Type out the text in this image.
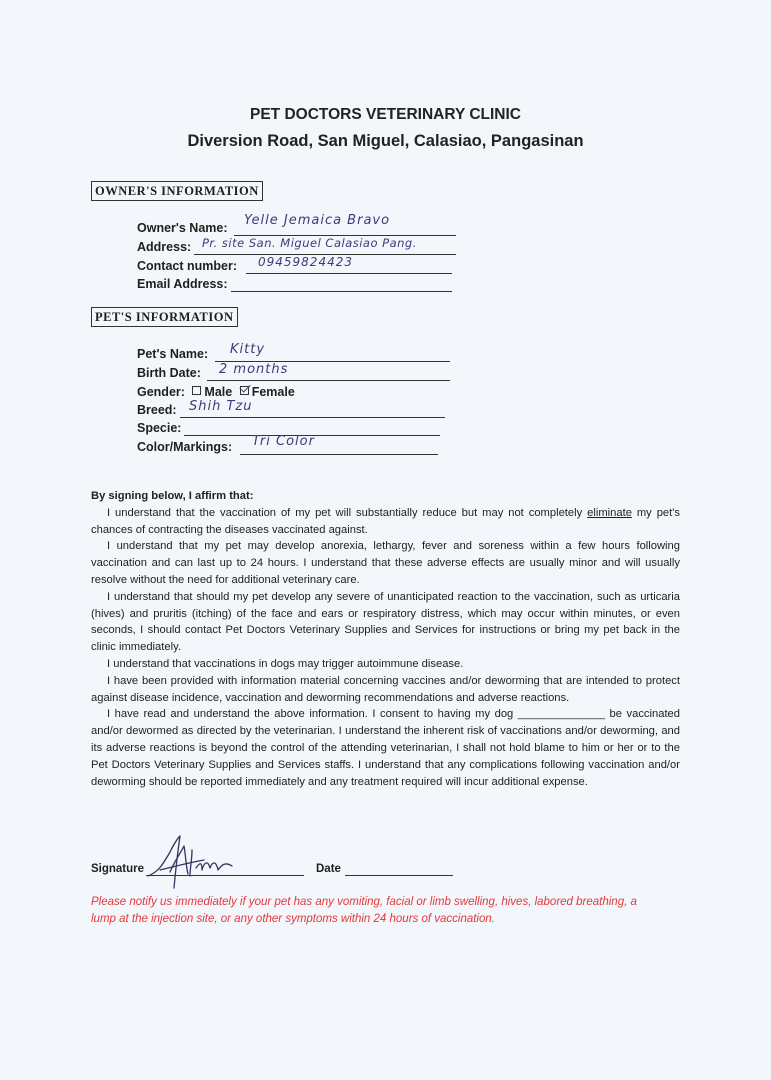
PET DOCTORS VETERINARY CLINIC
Diversion Road, San Miguel, Calasiao, Pangasinan
OWNER'S INFORMATION
Owner's Name: Yelle Jemaica Bravo
Address: Pr. site San. Miguel Calasiao Pang.
Contact number: 09459824423
Email Address:
PET'S INFORMATION
Pet's Name: Kitty
Birth Date: 2 months
Gender: Male Female
Breed: Shih Tzu
Specie:
Color/Markings: Tri Color

By signing below, I affirm that:

I understand that the vaccination of my pet will substantially reduce but may not completely eliminate my pet's chances of contracting the diseases vaccinated against.

I understand that my pet may develop anorexia, lethargy, fever and soreness within a few hours following vaccination and can last up to 24 hours. I understand that these adverse effects are usually minor and will usually resolve without the need for additional veterinary care.

I understand that should my pet develop any severe of unanticipated reaction to the vaccination, such as urticaria (hives) and pruritis (itching) of the face and ears or respiratory distress, which may occur within minutes, or even seconds, I should contact Pet Doctors Veterinary Supplies and Services for instructions or bring my pet back in the clinic immediately.

I understand that vaccinations in dogs may trigger autoimmune disease.

I have been provided with information material concerning vaccines and/or deworming that are intended to protect against disease incidence, vaccination and deworming recommendations and adverse reactions.

I have read and understand the above information. I consent to having my dog ______________ be vaccinated and/or dewormed as directed by the veterinarian. I understand the inherent risk of vaccinations and/or deworming, and its adverse reactions is beyond the control of the attending veterinarian, I shall not hold blame to him or her or to the Pet Doctors Veterinary Supplies and Services staffs. I understand that any complications following vaccination and/or deworming should be reported immediately and any treatment required will incur additional expense.

Signature	Date
Please notify us immediately if your pet has any vomiting, facial or limb swelling, hives, labored breathing, a lump at the injection site, or any other symptoms within 24 hours of vaccination.
